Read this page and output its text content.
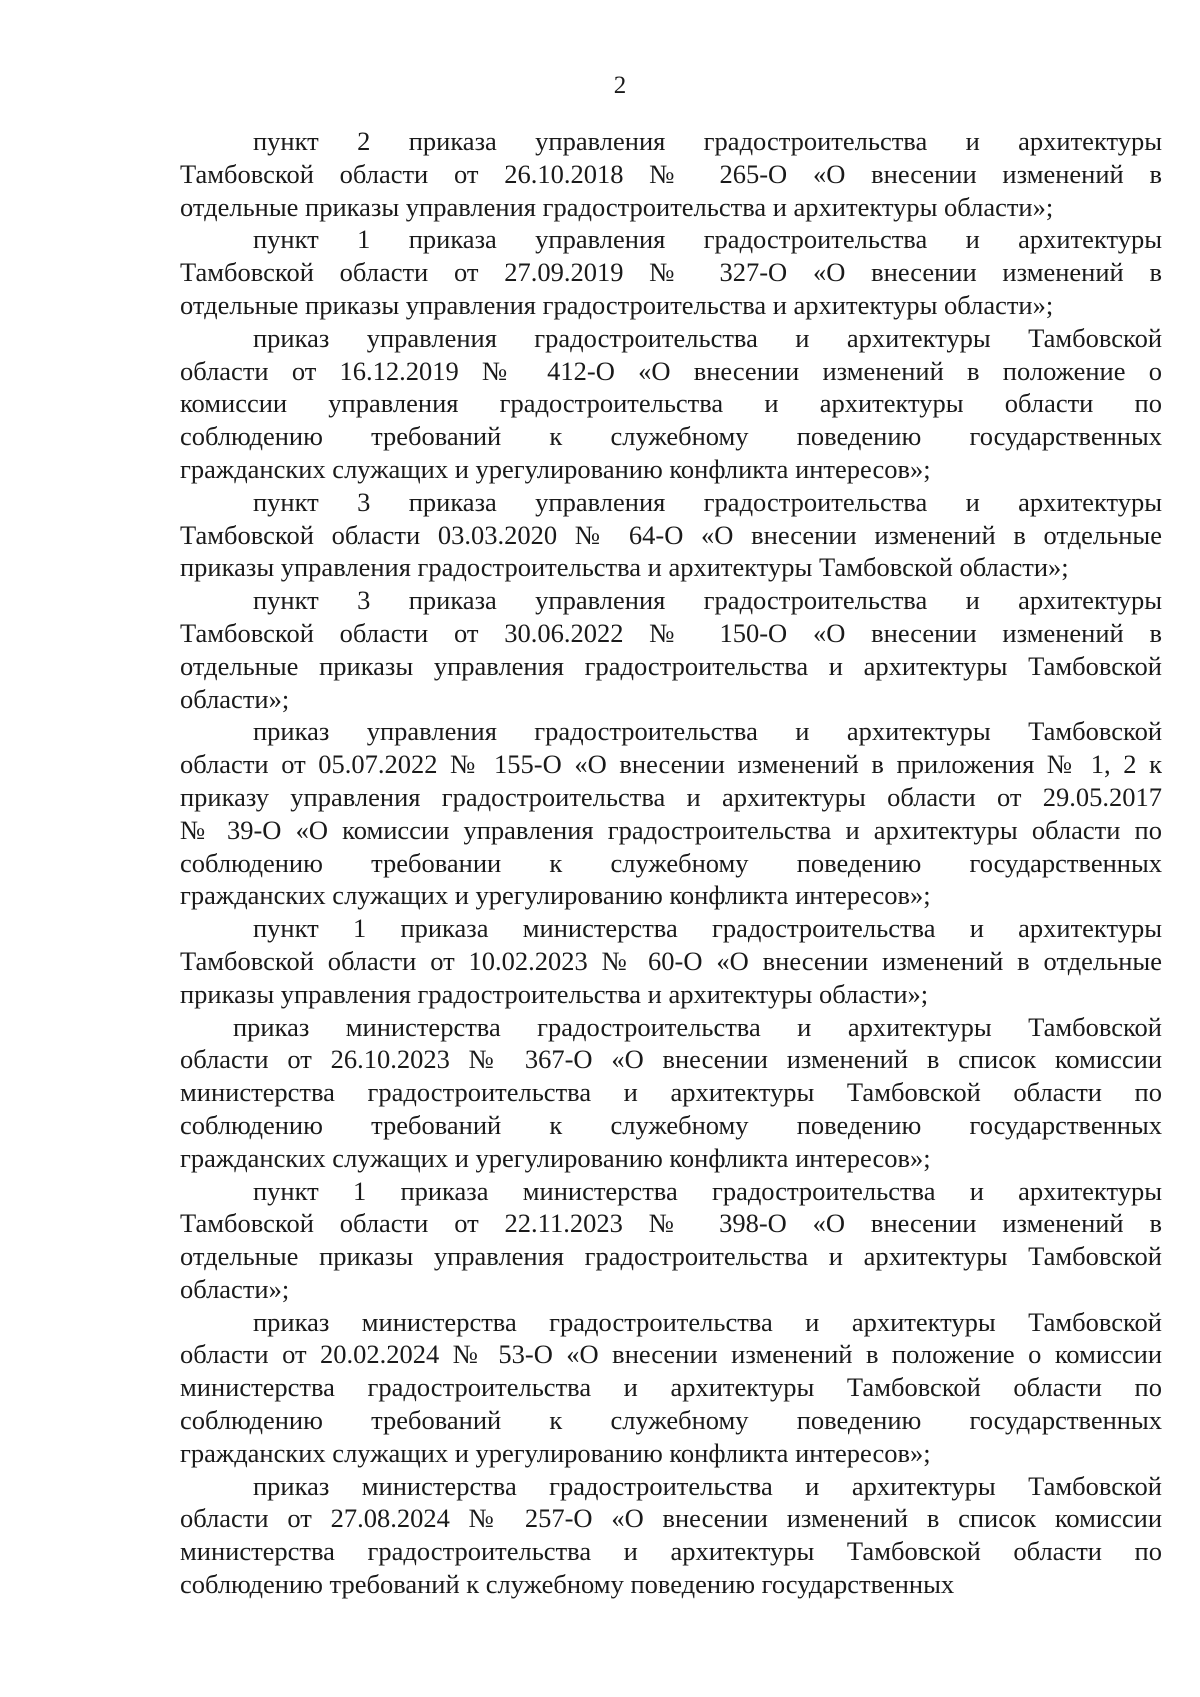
2
пункт 2 приказа управления градостроительства и архитектуры
Тамбовской области от 26.10.2018 № 265-О «О внесении изменений в
отдельные приказы управления градостроительства и архитектуры области»;
пункт 1 приказа управления градостроительства и архитектуры
Тамбовской области от 27.09.2019 № 327-О «О внесении изменений в
отдельные приказы управления градостроительства и архитектуры области»;
приказ управления градостроительства и архитектуры Тамбовской
области от 16.12.2019 № 412-О «О внесении изменений в положение о
комиссии управления градостроительства и архитектуры области по
соблюдению требований к служебному поведению государственных
гражданских служащих и урегулированию конфликта интересов»;
пункт 3 приказа управления градостроительства и архитектуры
Тамбовской области 03.03.2020 № 64-О «О внесении изменений в отдельные
приказы управления градостроительства и архитектуры Тамбовской области»;
пункт 3 приказа управления градостроительства и архитектуры
Тамбовской области от 30.06.2022 № 150-О «О внесении изменений в
отдельные приказы управления градостроительства и архитектуры Тамбовской
области»;
приказ управления градостроительства и архитектуры Тамбовской
области от 05.07.2022 № 155-О «О внесении изменений в приложения № 1, 2 к
приказу управления градостроительства и архитектуры области от 29.05.2017
№ 39-О «О комиссии управления градостроительства и архитектуры области по
соблюдению требовании к служебному поведению государственных
гражданских служащих и урегулированию конфликта интересов»;
пункт 1 приказа министерства градостроительства и архитектуры
Тамбовской области от 10.02.2023 № 60-О «О внесении изменений в отдельные
приказы управления градостроительства и архитектуры области»;
приказ министерства градостроительства и архитектуры Тамбовской
области от 26.10.2023 № 367-О «О внесении изменений в список комиссии
министерства градостроительства и архитектуры Тамбовской области по
соблюдению требований к служебному поведению государственных
гражданских служащих и урегулированию конфликта интересов»;
пункт 1 приказа министерства градостроительства и архитектуры
Тамбовской области от 22.11.2023 № 398-О «О внесении изменений в
отдельные приказы управления градостроительства и архитектуры Тамбовской
области»;
приказ министерства градостроительства и архитектуры Тамбовской
области от 20.02.2024 № 53-О «О внесении изменений в положение о комиссии
министерства градостроительства и архитектуры Тамбовской области по
соблюдению требований к служебному поведению государственных
гражданских служащих и урегулированию конфликта интересов»;
приказ министерства градостроительства и архитектуры Тамбовской
области от 27.08.2024 № 257-О «О внесении изменений в список комиссии
министерства градостроительства и архитектуры Тамбовской области по
соблюдению требований к служебному поведению государственных
